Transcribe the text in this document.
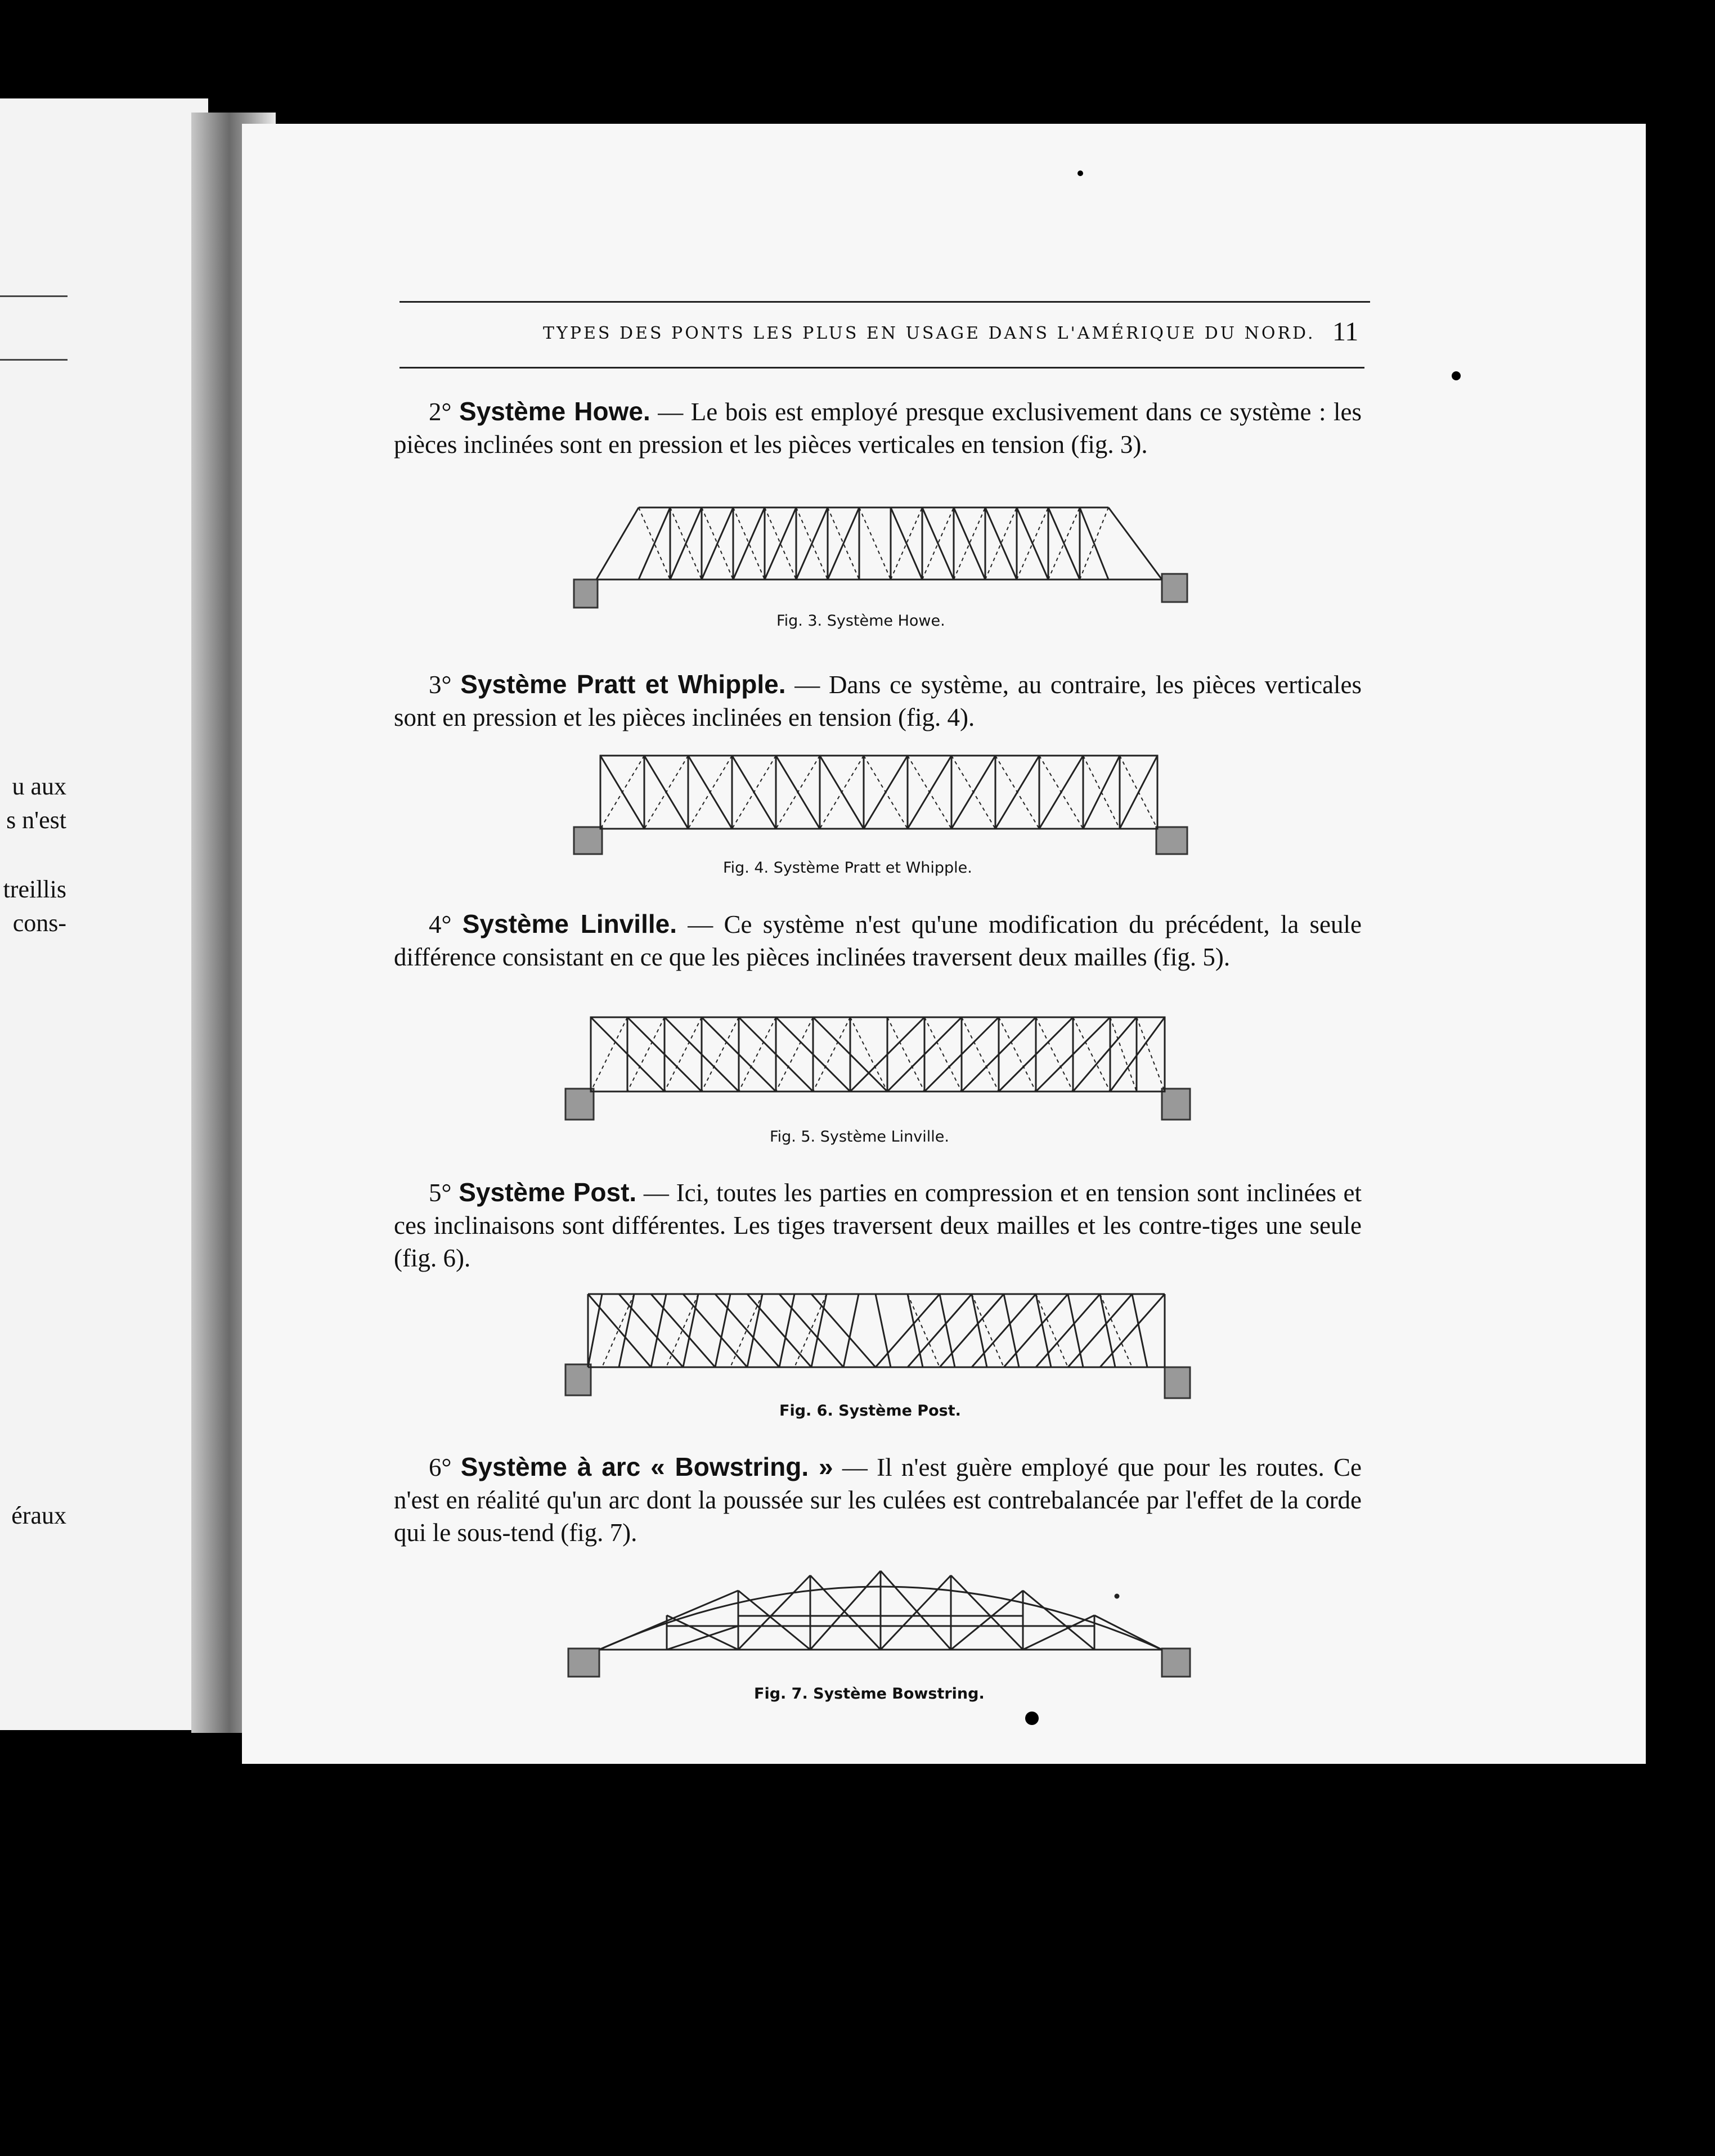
u aux
s n'est
treillis
cons-
éraux
TYPES DES PONTS LES PLUS EN USAGE DANS L'AMÉRIQUE DU NORD. 11
2° Système Howe. — Le bois est employé presque exclusivement dans ce système : les pièces inclinées sont en pression et les pièces verticales en tension (fig. 3).
Fig. 3. Système Howe.
3° Système Pratt et Whipple. — Dans ce système, au contraire, les pièces verticales sont en pression et les pièces inclinées en tension (fig. 4).
Fig. 4. Système Pratt et Whipple.
4° Système Linville. — Ce système n'est qu'une modification du précédent, la seule différence consistant en ce que les pièces inclinées traversent deux mailles (fig. 5).
Fig. 5. Système Linville.
5° Système Post. — Ici, toutes les parties en compression et en tension sont inclinées et ces inclinaisons sont différentes. Les tiges traversent deux mailles et les contre-tiges une seule (fig. 6).
Fig. 6. Système Post.
6° Système à arc « Bowstring. » — Il n'est guère employé que pour les routes. Ce n'est en réalité qu'un arc dont la poussée sur les culées est contrebalancée par l'effet de la corde qui le sous-tend (fig. 7).
Fig. 7. Système Bowstring.
